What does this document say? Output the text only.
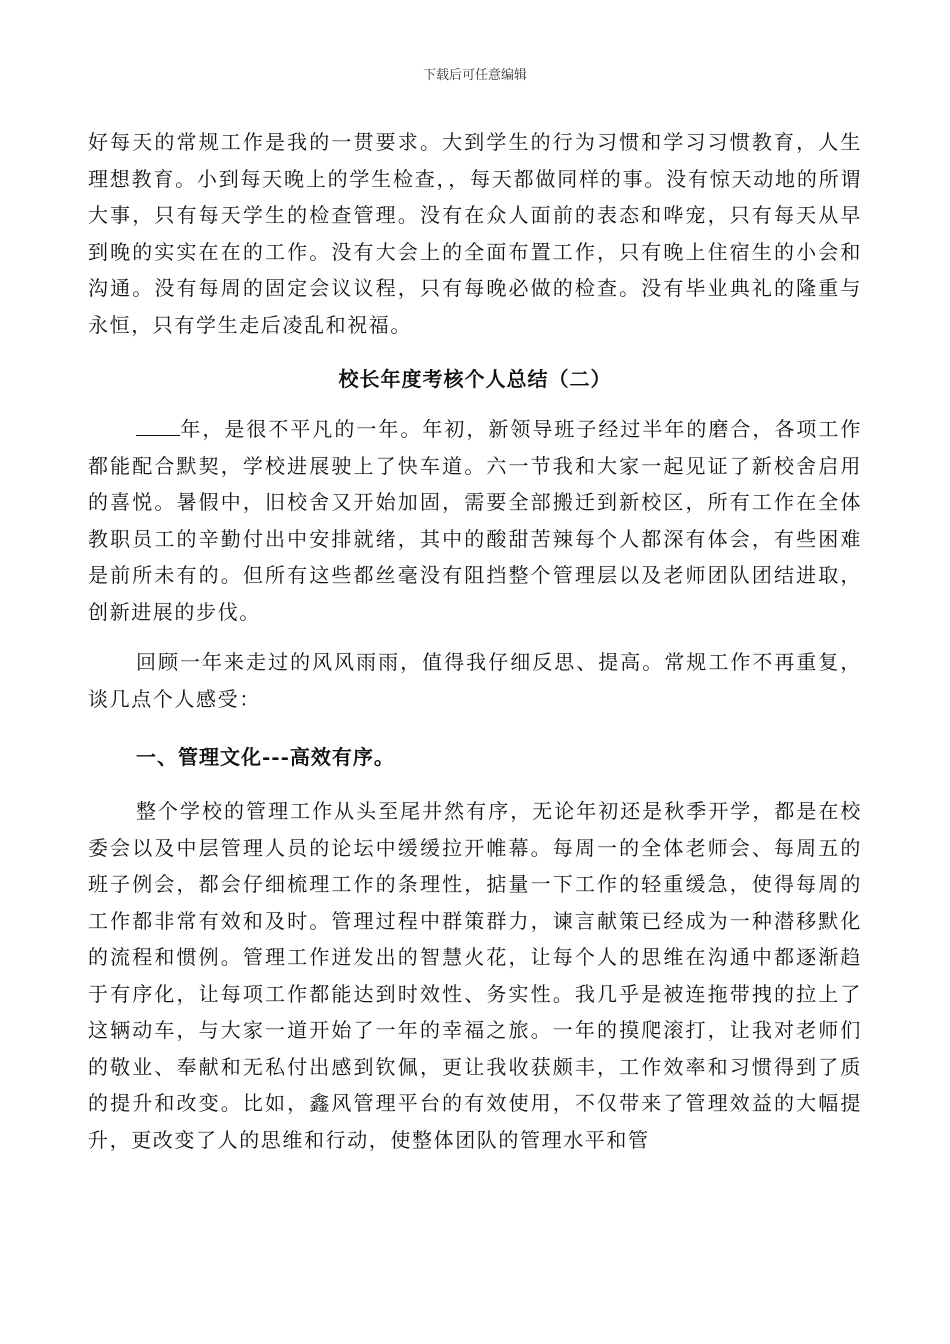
下载后可任意编辑

好每天的常规工作是我的一贯要求。大到学生的行为习惯和学习习惯教育，人生理想教育。小到每天晚上的学生检查，，每天都做同样的事。没有惊天动地的所谓大事，只有每天学生的检查管理。没有在众人面前的表态和哗宠，只有每天从早到晚的实实在在的工作。没有大会上的全面布置工作，只有晚上住宿生的小会和沟通。没有每周的固定会议议程，只有每晚必做的检查。没有毕业典礼的隆重与永恒，只有学生走后凌乱和祝福。

校长年度考核个人总结（二）

年，是很不平凡的一年。年初，新领导班子经过半年的磨合，各项工作都能配合默契，学校进展驶上了快车道。六一节我和大家一起见证了新校舍启用的喜悦。暑假中，旧校舍又开始加固，需要全部搬迁到新校区，所有工作在全体教职员工的辛勤付出中安排就绪，其中的酸甜苦辣每个人都深有体会，有些困难是前所未有的。但所有这些都丝毫没有阻挡整个管理层以及老师团队团结进取，创新进展的步伐。

回顾一年来走过的风风雨雨，值得我仔细反思、提高。常规工作不再重复，谈几点个人感受：

一、管理文化---高效有序。

整个学校的管理工作从头至尾井然有序，无论年初还是秋季开学，都是在校委会以及中层管理人员的论坛中缓缓拉开帷幕。每周一的全体老师会、每周五的班子例会，都会仔细梳理工作的条理性，掂量一下工作的轻重缓急，使得每周的工作都非常有效和及时。管理过程中群策群力，谏言献策已经成为一种潜移默化的流程和惯例。管理工作迸发出的智慧火花，让每个人的思维在沟通中都逐渐趋于有序化，让每项工作都能达到时效性、务实性。我几乎是被连拖带拽的拉上了这辆动车，与大家一道开始了一年的幸福之旅。一年的摸爬滚打，让我对老师们的敬业、奉献和无私付出感到钦佩，更让我收获颇丰，工作效率和习惯得到了质的提升和改变。比如，鑫风管理平台的有效使用，不仅带来了管理效益的大幅提升，更改变了人的思维和行动，使整体团队的管理水平和管
